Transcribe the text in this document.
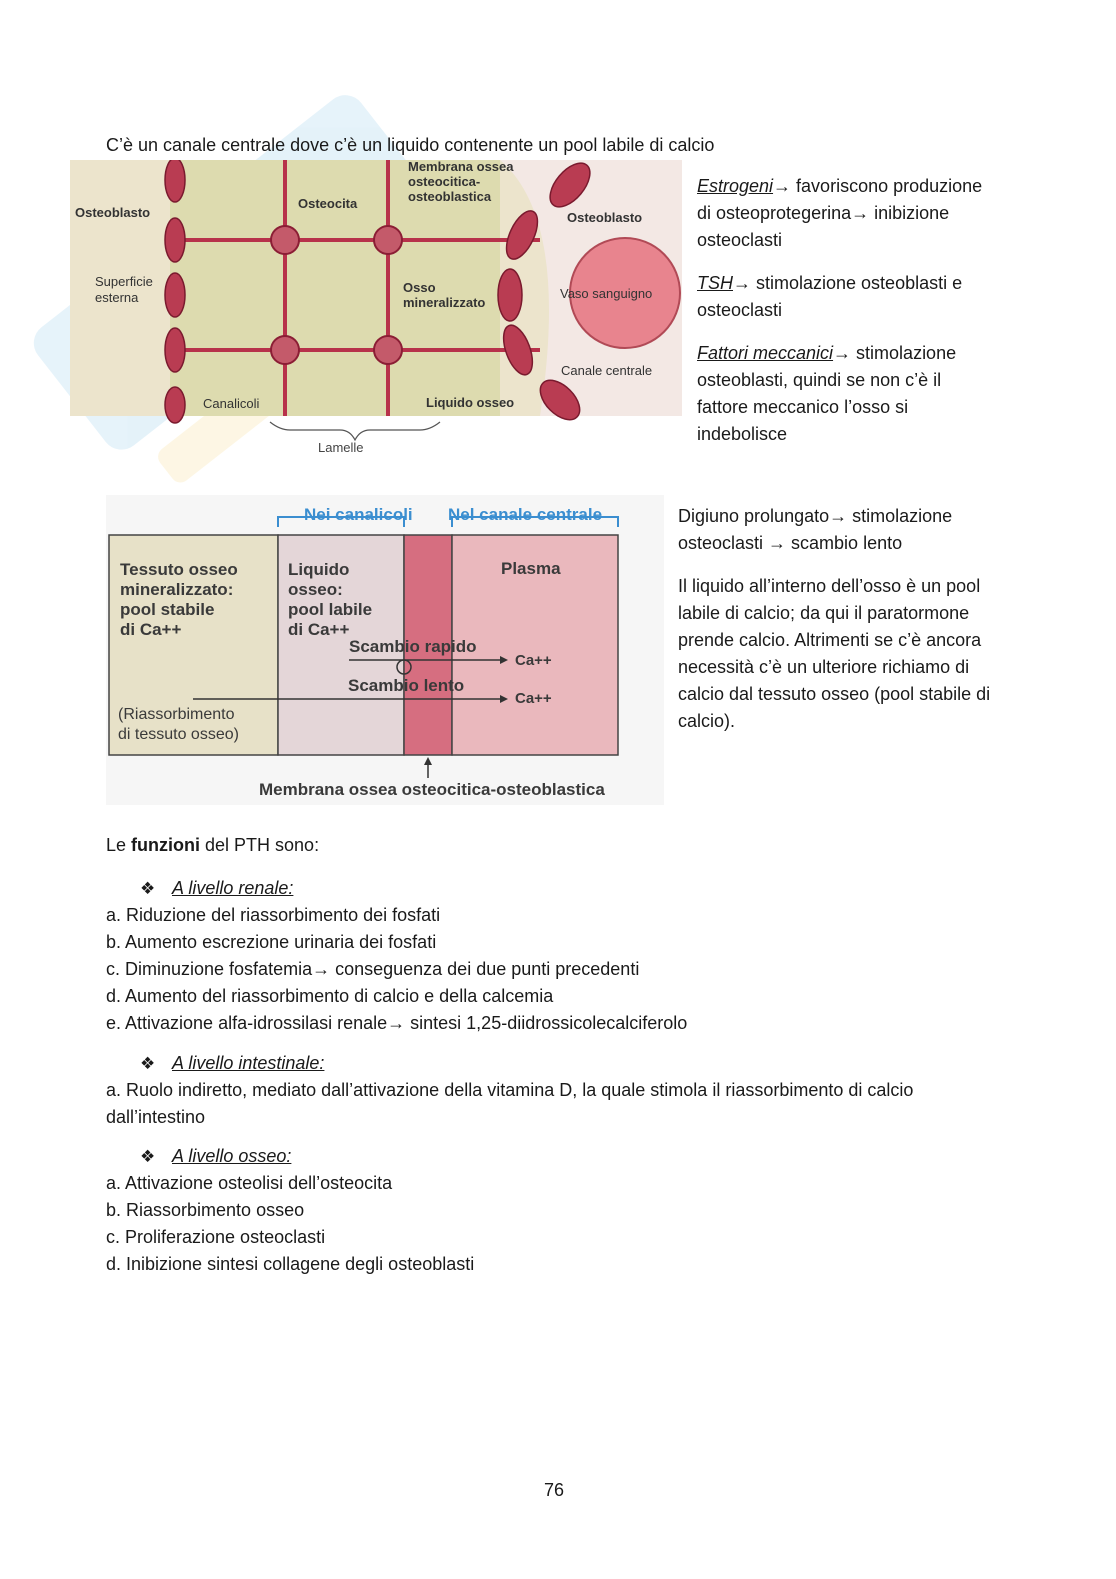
C’è un canale centrale dove c’è un liquido contenente un pool labile di calcio
Osteoblasto
Osteocita
Membrana ossea
osteocitica-
osteoblastica
Osteoblasto
Superficie
esterna
Osso
mineralizzato
Vaso sanguigno
Canale centrale
Canalicoli	Liquido osseo
Lamelle

Estrogeni→ favoriscono produzione
di osteoprotegerina→ inibizione
osteoclasti

TSH→ stimolazione osteoblasti e
osteoclasti

Fattori meccanici→ stimolazione
osteoblasti, quindi se non c’è il
fattore meccanico l’osso si
indebolisce

Nei canalicoli Nel canale centrale
Tessuto osseo
mineralizzato:
pool stabile
di Ca++
Liquido
osseo:
pool labile
di Ca++
Plasma
Scambio rapido
Scambio lento
Ca++
Ca++
(Riassorbimento
di tessuto osseo)
Membrana ossea osteocitica-osteoblastica

Digiuno prolungato→ stimolazione
osteoclasti → scambio lento

Il liquido all’interno dell’osso è un pool
labile di calcio; da qui il paratormone
prende calcio. Altrimenti se c’è ancora
necessità c’è un ulteriore richiamo di
calcio dal tessuto osseo (pool stabile di
calcio).

Le funzioni del PTH sono:
❖ A livello renale:
a. Riduzione del riassorbimento dei fosfati
b. Aumento escrezione urinaria dei fosfati
c. Diminuzione fosfatemia→ conseguenza dei due punti precedenti
d. Aumento del riassorbimento di calcio e della calcemia
e. Attivazione alfa-idrossilasi renale→ sintesi 1,25-diidrossicolecalciferolo
❖ A livello intestinale:
a. Ruolo indiretto, mediato dall’attivazione della vitamina D, la quale stimola il riassorbimento di calcio
dall’intestino
❖ A livello osseo:
a. Attivazione osteolisi dell’osteocita
b. Riassorbimento osseo
c. Proliferazione osteoclasti
d. Inibizione sintesi collagene degli osteoblasti
76
